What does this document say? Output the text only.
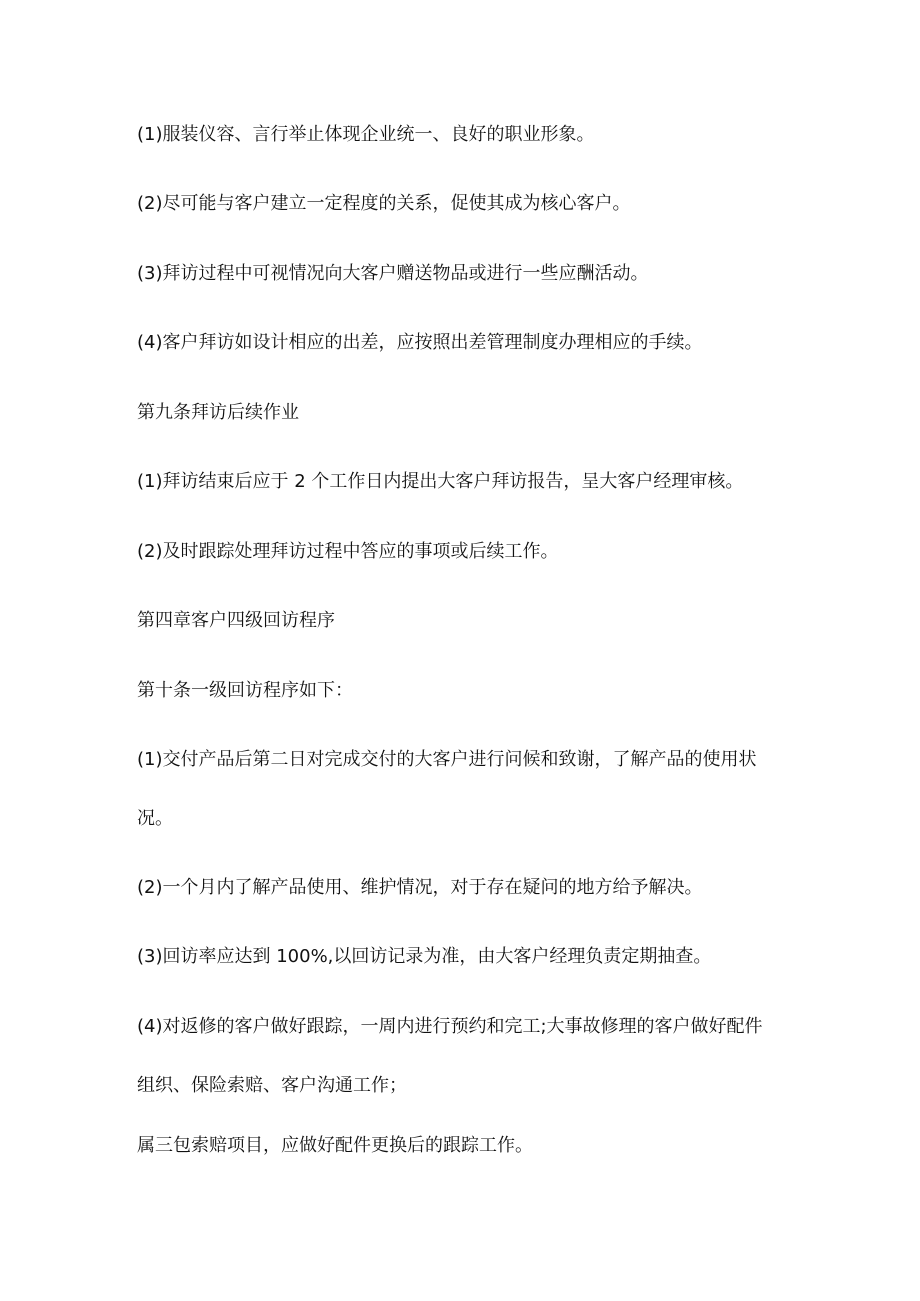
(1)服装仪容、言行举止体现企业统一、良好的职业形象。
(2)尽可能与客户建立一定程度的关系，促使其成为核心客户。
(3)拜访过程中可视情况向大客户赠送物品或进行一些应酬活动。
(4)客户拜访如设计相应的出差，应按照出差管理制度办理相应的手续。
第九条拜访后续作业
(1)拜访结束后应于 2 个工作日内提出大客户拜访报告，呈大客户经理审核。
(2)及时跟踪处理拜访过程中答应的事项或后续工作。
第四章客户四级回访程序
第十条一级回访程序如下：
(1)交付产品后第二日对完成交付的大客户进行问候和致谢，了解产品的使用状
况。
(2)一个月内了解产品使用、维护情况，对于存在疑问的地方给予解决。
(3)回访率应达到 100%,以回访记录为准，由大客户经理负责定期抽查。
(4)对返修的客户做好跟踪，一周内进行预约和完工;大事故修理的客户做好配件
组织、保险索赔、客户沟通工作；
属三包索赔项目，应做好配件更换后的跟踪工作。
